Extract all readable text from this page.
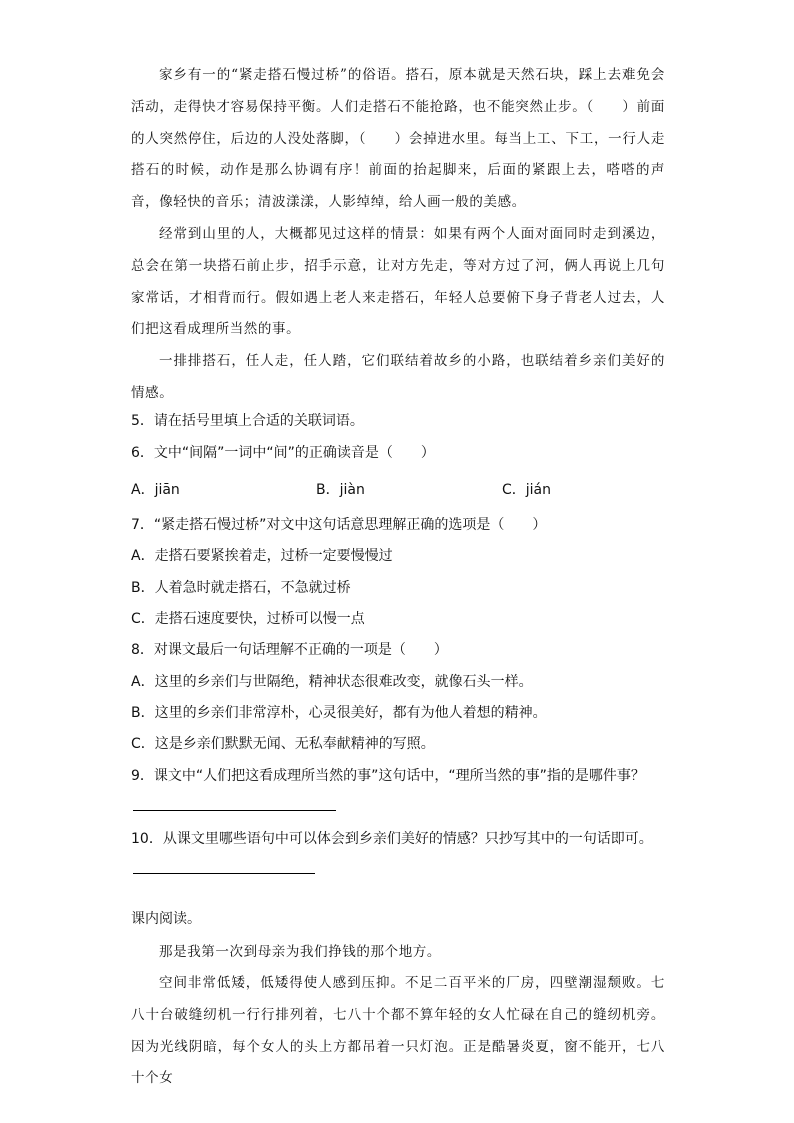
家乡有一的“紧走搭石慢过桥”的俗语。搭石，原本就是天然石块，踩上去难免会活动，走得快才容易保持平衡。人们走搭石不能抢路，也不能突然止步。（　　）前面的人突然停住，后边的人没处落脚，（　　）会掉进水里。每当上工、下工，一行人走搭石的时候，动作是那么协调有序！前面的抬起脚来，后面的紧跟上去，嗒嗒的声音，像轻快的音乐；清波漾漾，人影绰绰，给人画一般的美感。

经常到山里的人，大概都见过这样的情景：如果有两个人面对面同时走到溪边，总会在第一块搭石前止步，招手示意，让对方先走，等对方过了河，俩人再说上几句家常话，才相背而行。假如遇上老人来走搭石，年轻人总要俯下身子背老人过去，人们把这看成理所当然的事。

一排排搭石，任人走，任人踏，它们联结着故乡的小路，也联结着乡亲们美好的情感。

5．请在括号里填上合适的关联词语。
6．文中“间隔”一词中“间”的正确读音是（　　）
A．jiān	B．jiàn	C．jián
7．“紧走搭石慢过桥”对文中这句话意思理解正确的选项是（　　）
A．走搭石要紧挨着走，过桥一定要慢慢过
B．人着急时就走搭石，不急就过桥
C．走搭石速度要快，过桥可以慢一点
8．对课文最后一句话理解不正确的一项是（　　）
A．这里的乡亲们与世隔绝，精神状态很难改变，就像石头一样。
B．这里的乡亲们非常淳朴，心灵很美好，都有为他人着想的精神。
C．这是乡亲们默默无闻、无私奉献精神的写照。
9．课文中“人们把这看成理所当然的事”这句话中，“理所当然的事”指的是哪件事？
10．从课文里哪些语句中可以体会到乡亲们美好的情感？只抄写其中的一句话即可。
课内阅读。

那是我第一次到母亲为我们挣钱的那个地方。

空间非常低矮，低矮得使人感到压抑。不足二百平米的厂房，四壁潮湿颓败。七八十台破缝纫机一行行排列着，七八十个都不算年轻的女人忙碌在自己的缝纫机旁。因为光线阴暗，每个女人的头上方都吊着一只灯泡。正是酷暑炎夏，窗不能开，七八十个女
